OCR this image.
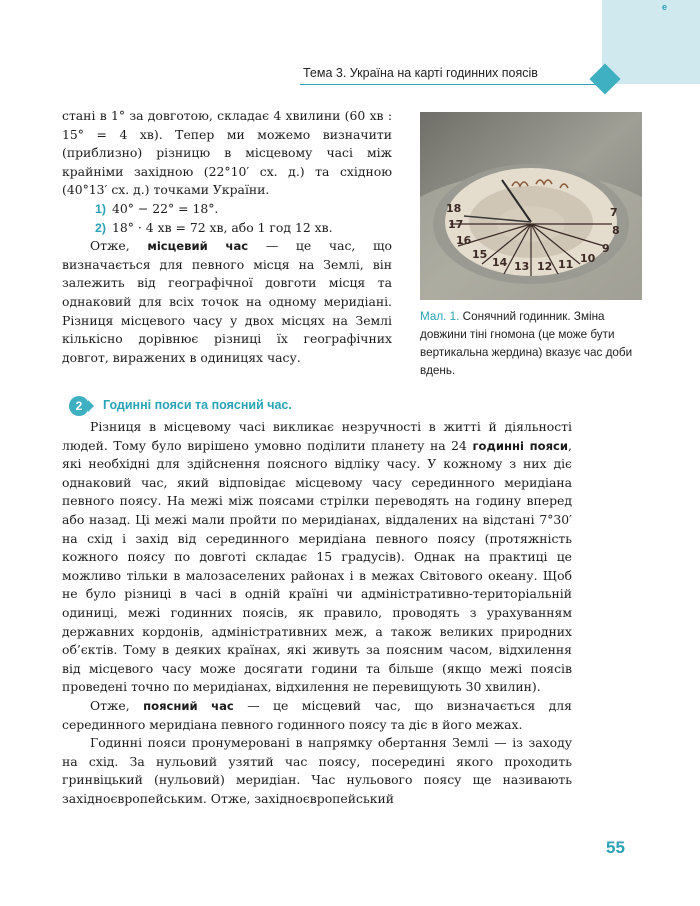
e
Тема 3. Україна на карті годинних поясів

стані в 1° за довготою, складає 4 хвилини (60 хв : 15° = 4 хв). Тепер ми можемо визначити (приблизно) різницю в місцевому часі між крайніми західною (22°10′ сх. д.) та східною (40°13′ сх. д.) точками України.

1) 40° − 22° = 18°.

2) 18° · 4 хв = 72 хв, або 1 год 12 хв.

Отже, місцевий час — це час, що визначається для певного місця на Землі, він залежить від географічної довготи місця та однаковий для всіх точок на одному меридіані. Різниця місцевого часу у двох місцях на Землі кількісно дорівнює різниці їх географічних довгот, виражених в одиницях часу.

13 12 11 10
9
14
15
16
17
18
8
7
Мал. 1. Сонячний годинник. Зміна довжини тіні гномона (це може бути вертикальна жердина) вказує час доби вдень.
2	Годинні пояси та поясний час.

Різниця в місцевому часі викликає незручності в житті й діяльності людей. Тому було вирішено умовно поділити планету на 24 годинні пояси, які необхідні для здійснення поясного відліку часу. У кожному з них діє однаковий час, який відповідає місцевому часу серединного меридіана певного поясу. На межі між поясами стрілки переводять на годину вперед або назад. Ці межі мали пройти по меридіанах, віддалених на відстані 7°30′ на схід і захід від серединного меридіана певного поясу (протяжність кожного поясу по довготі складає 15 градусів). Однак на практиці це можливо тільки в малозаселених районах і в межах Світового океану. Щоб не було різниці в часі в одній країні чи адміністративно-територіальній одиниці, межі годинних поясів, як правило, проводять з урахуванням державних кордонів, адміністративних меж, а також великих природних об’єктів. Тому в деяких країнах, які живуть за поясним часом, відхилення від місцевого часу може досягати години та більше (якщо межі поясів проведені точно по меридіанах, відхилення не перевищують 30 хвилин).

Отже, поясний час — це місцевий час, що визначається для серединного меридіана певного годинного поясу та діє в його межах.

Годинні пояси пронумеровані в напрямку обертання Землі — із заходу на схід. За нульовий узятий час поясу, посередині якого проходить гринвіцький (нульовий) меридіан. Час нульового поясу ще називають західноєвропейським. Отже, західноєвропейський

55
